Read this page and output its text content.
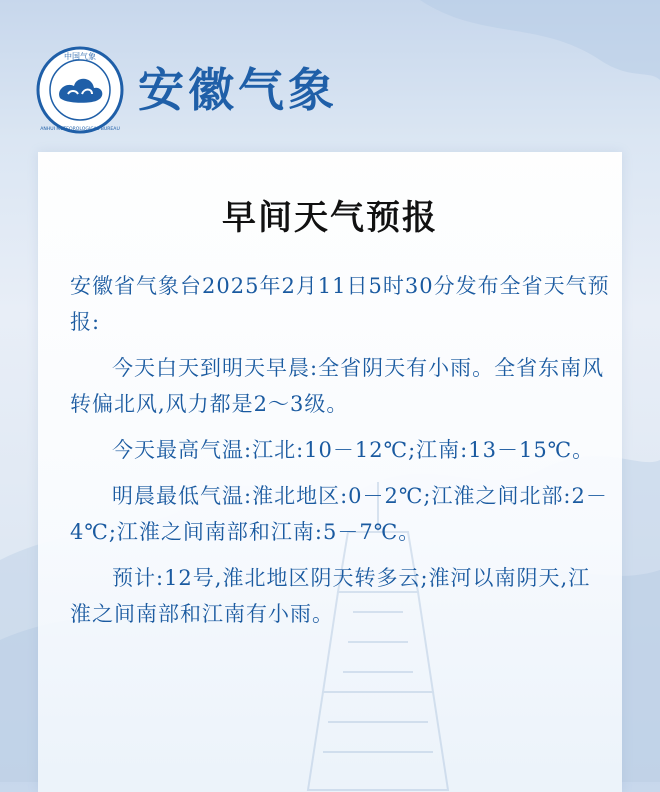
中国气象
ANHUI METEOROLOGICAL BUREAU
安徽气象
早间天气预报

安徽省气象台2025年2月11日5时30分发布全省天气预报:

今天白天到明天早晨:全省阴天有小雨。全省东南风转偏北风,风力都是2～3级。

今天最高气温:江北:10－12℃;江南:13－15℃。

明晨最低气温:淮北地区:0－2℃;江淮之间北部:2－4℃;江淮之间南部和江南:5－7℃。

预计:12号,淮北地区阴天转多云;淮河以南阴天,江淮之间南部和江南有小雨。
